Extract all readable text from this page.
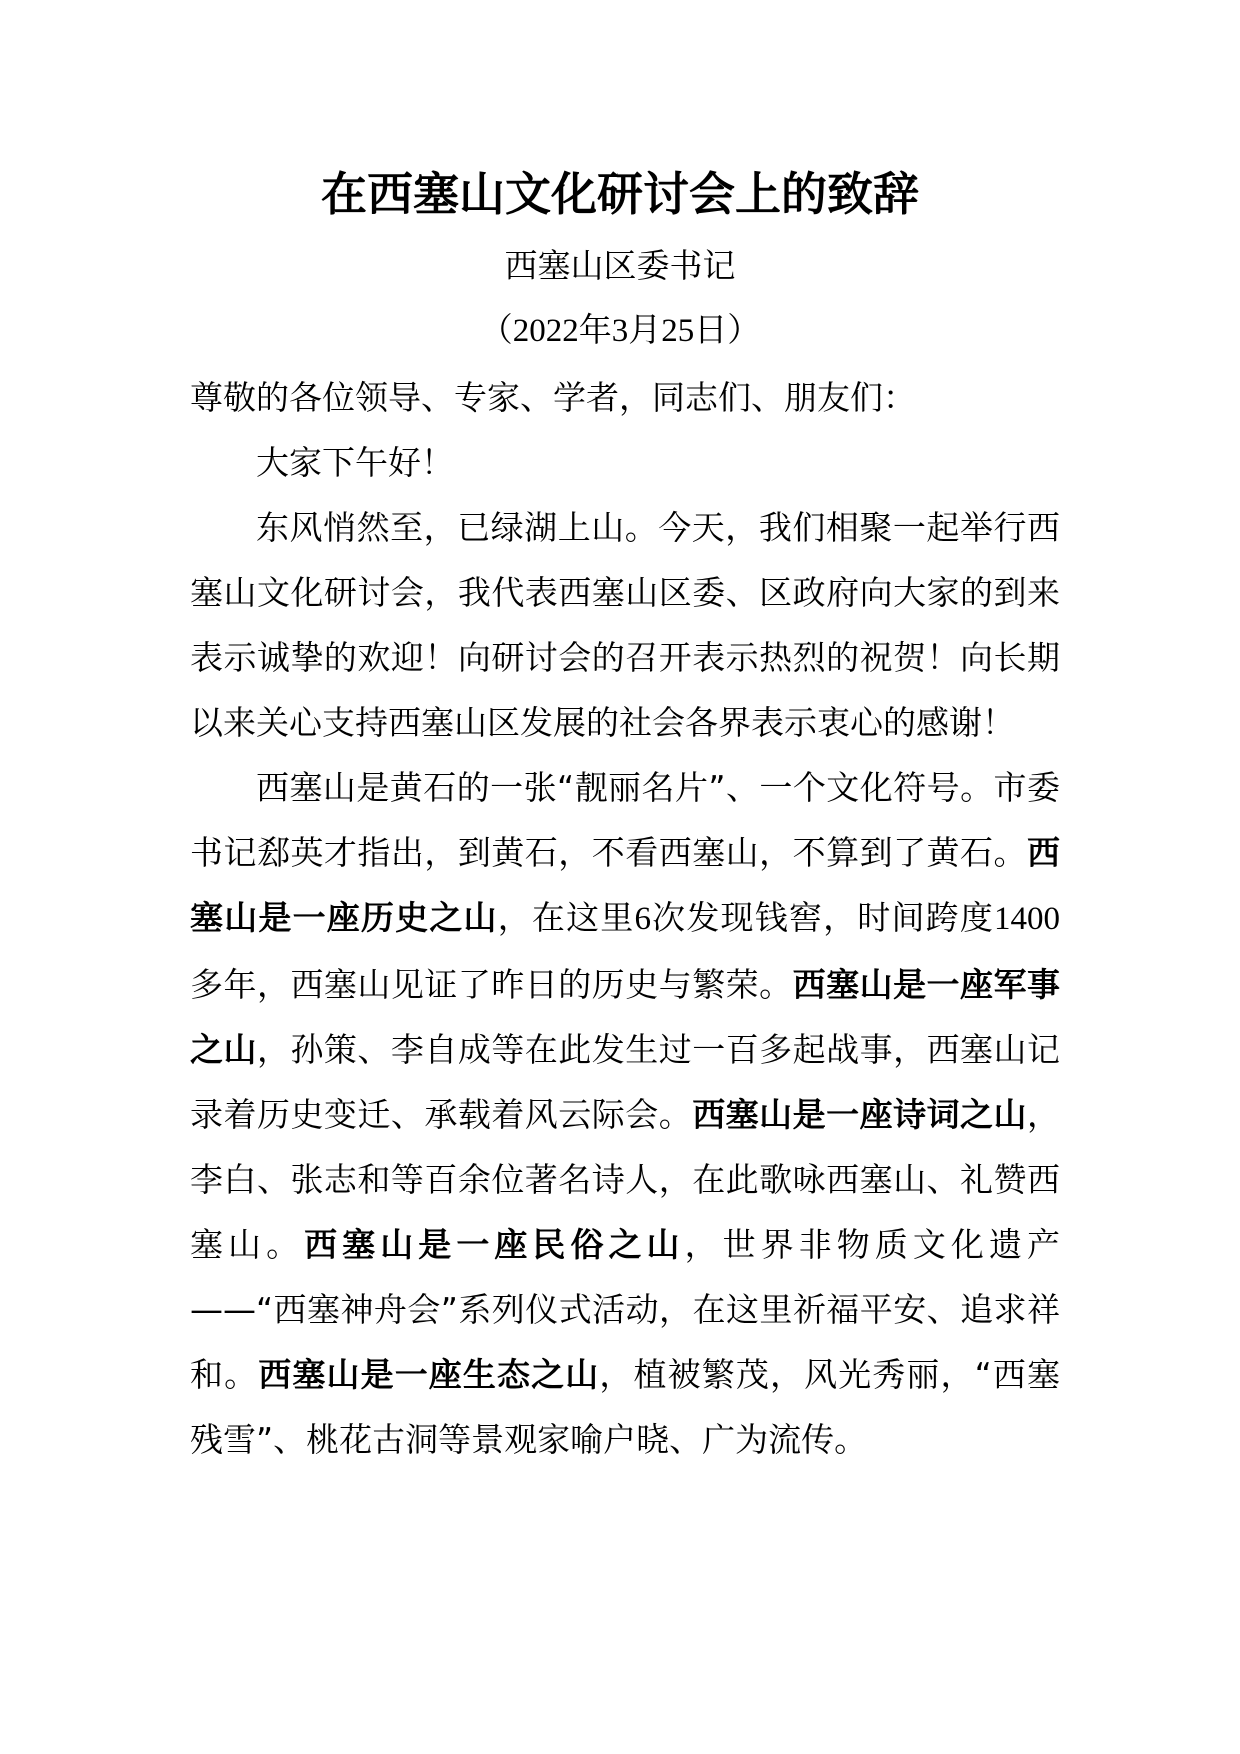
在西塞山文化研讨会上的致辞
西塞山区委书记
（2022年3月25日）

尊敬的各位领导、专家、学者，同志们、朋友们：

大家下午好！

东风悄然至，已绿湖上山。今天，我们相聚一起举行西塞山文化研讨会，我代表西塞山区委、区政府向大家的到来表示诚挚的欢迎！向研讨会的召开表示热烈的祝贺！向长期以来关心支持西塞山区发展的社会各界表示衷心的感谢！

西塞山是黄石的一张“靓丽名片”、一个文化符号。市委书记郄英才指出，到黄石，不看西塞山，不算到了黄石。西塞山是一座历史之山，在这里6次发现钱窖，时间跨度1400多年，西塞山见证了昨日的历史与繁荣。西塞山是一座军事之山，孙策、李自成等在此发生过一百多起战事，西塞山记录着历史变迁、承载着风云际会。西塞山是一座诗词之山，李白、张志和等百余位著名诗人，在此歌咏西塞山、礼赞西塞山。西塞山是一座民俗之山，世界非物质文化遗产——“西塞神舟会”系列仪式活动，在这里祈福平安、追求祥和。西塞山是一座生态之山，植被繁茂，风光秀丽，“西塞残雪”、桃花古洞等景观家喻户晓、广为流传。
